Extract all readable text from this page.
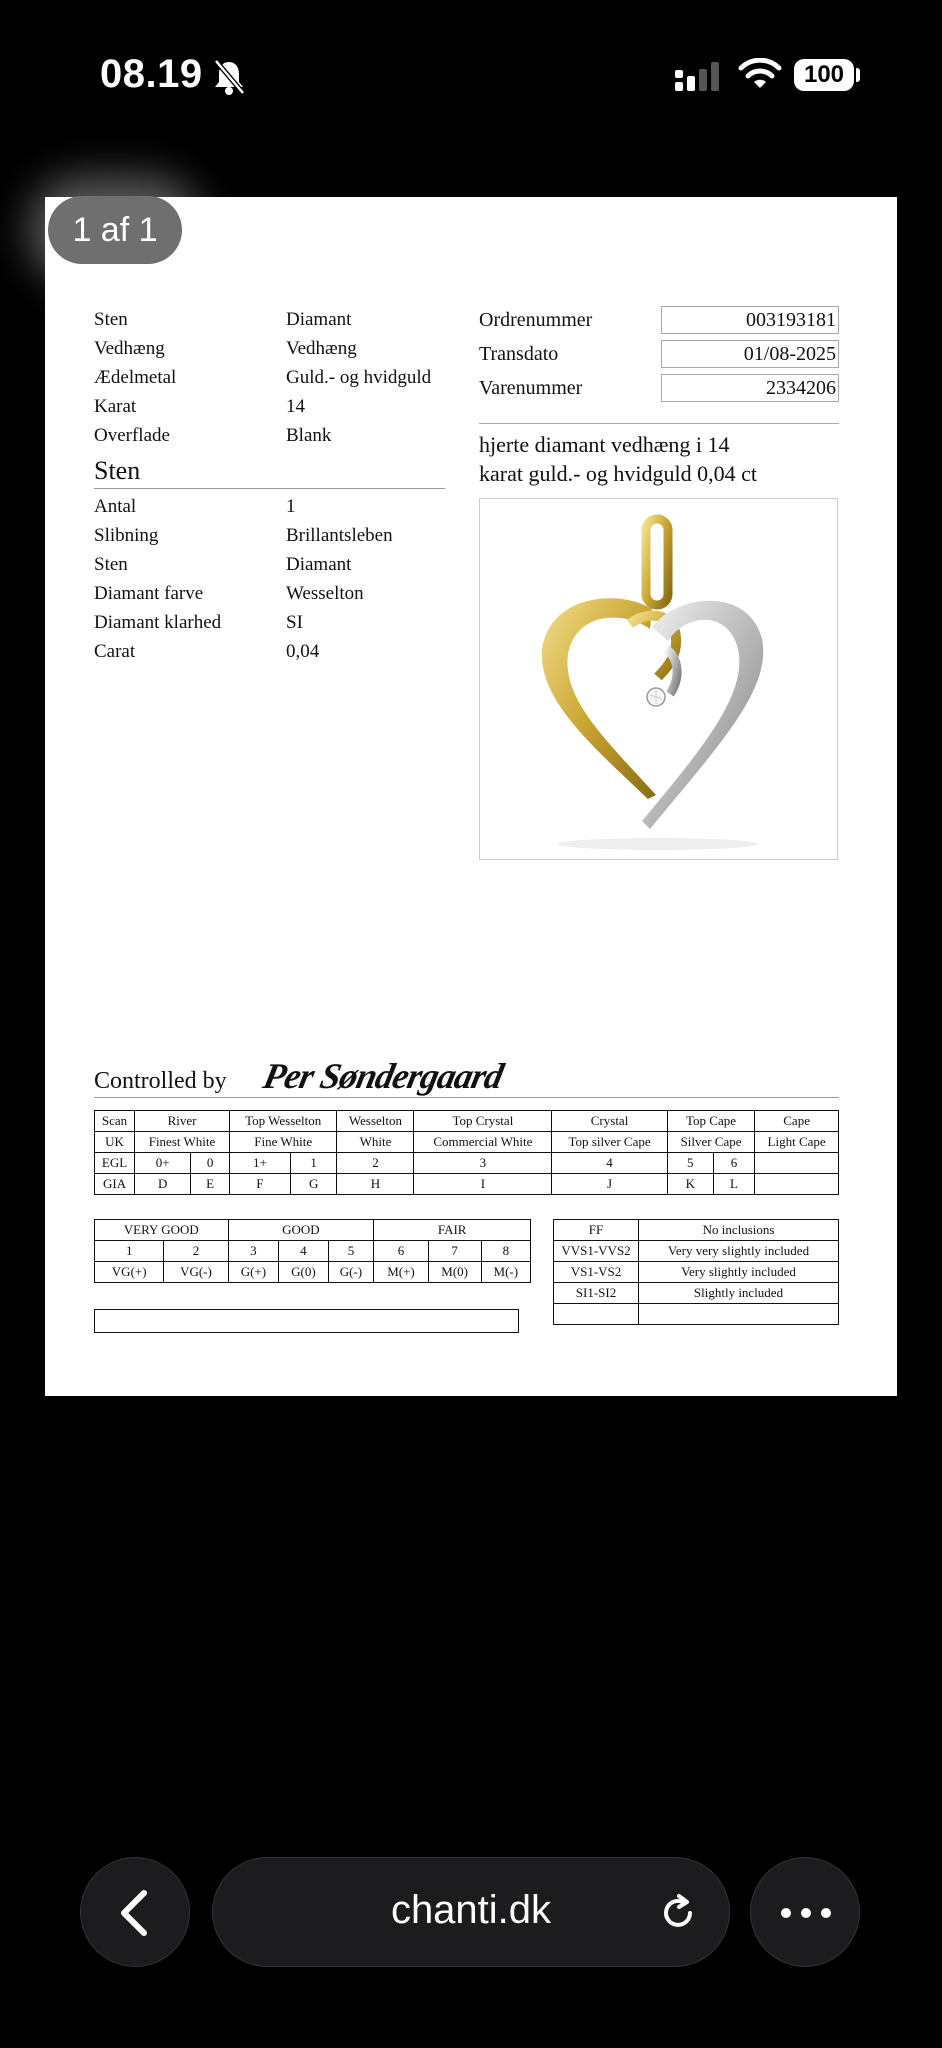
08.19	100
Sten	Diamant
Vedhæng	Vedhæng
Ædelmetal	Guld.- og hvidguld
Karat	14
Overflade	Blank
Sten
Antal	1
Slibning	Brillantsleben
Sten	Diamant
Diamant farve	Wesselton
Diamant klarhed	SI
Carat	0,04
Ordrenummer	003193181
Transdato	01/08-2025
Varenummer	2334206
hjerte diamant vedhæng i 14
karat guld.- og hvidguld 0,04 ct
Controlled by Per Søndergaard
Scan	River		Top Wesselton		Wesselton	Top Crystal	Crystal	Top Cape		Cape
UK	Finest White		Fine White		White	Commercial White	Top silver Cape	Silver Cape		Light Cape
EGL	0+	0	1+	1	2	3	4	5	6	
GIA	D	E	F	G	H	I	J	K	L	
VERY GOOD		GOOD			FAIR		
1	2	3	4	5	6	7	8
VG(+)	VG(-)	G(+)	G(0)	G(-)	M(+)	M(0)	M(-)
FF	No inclusions
VVS1-VVS2	Very very slightly included
VS1-VS2	Very slightly included
SI1-SI2	Slightly included

1 af 1
chanti.dk
